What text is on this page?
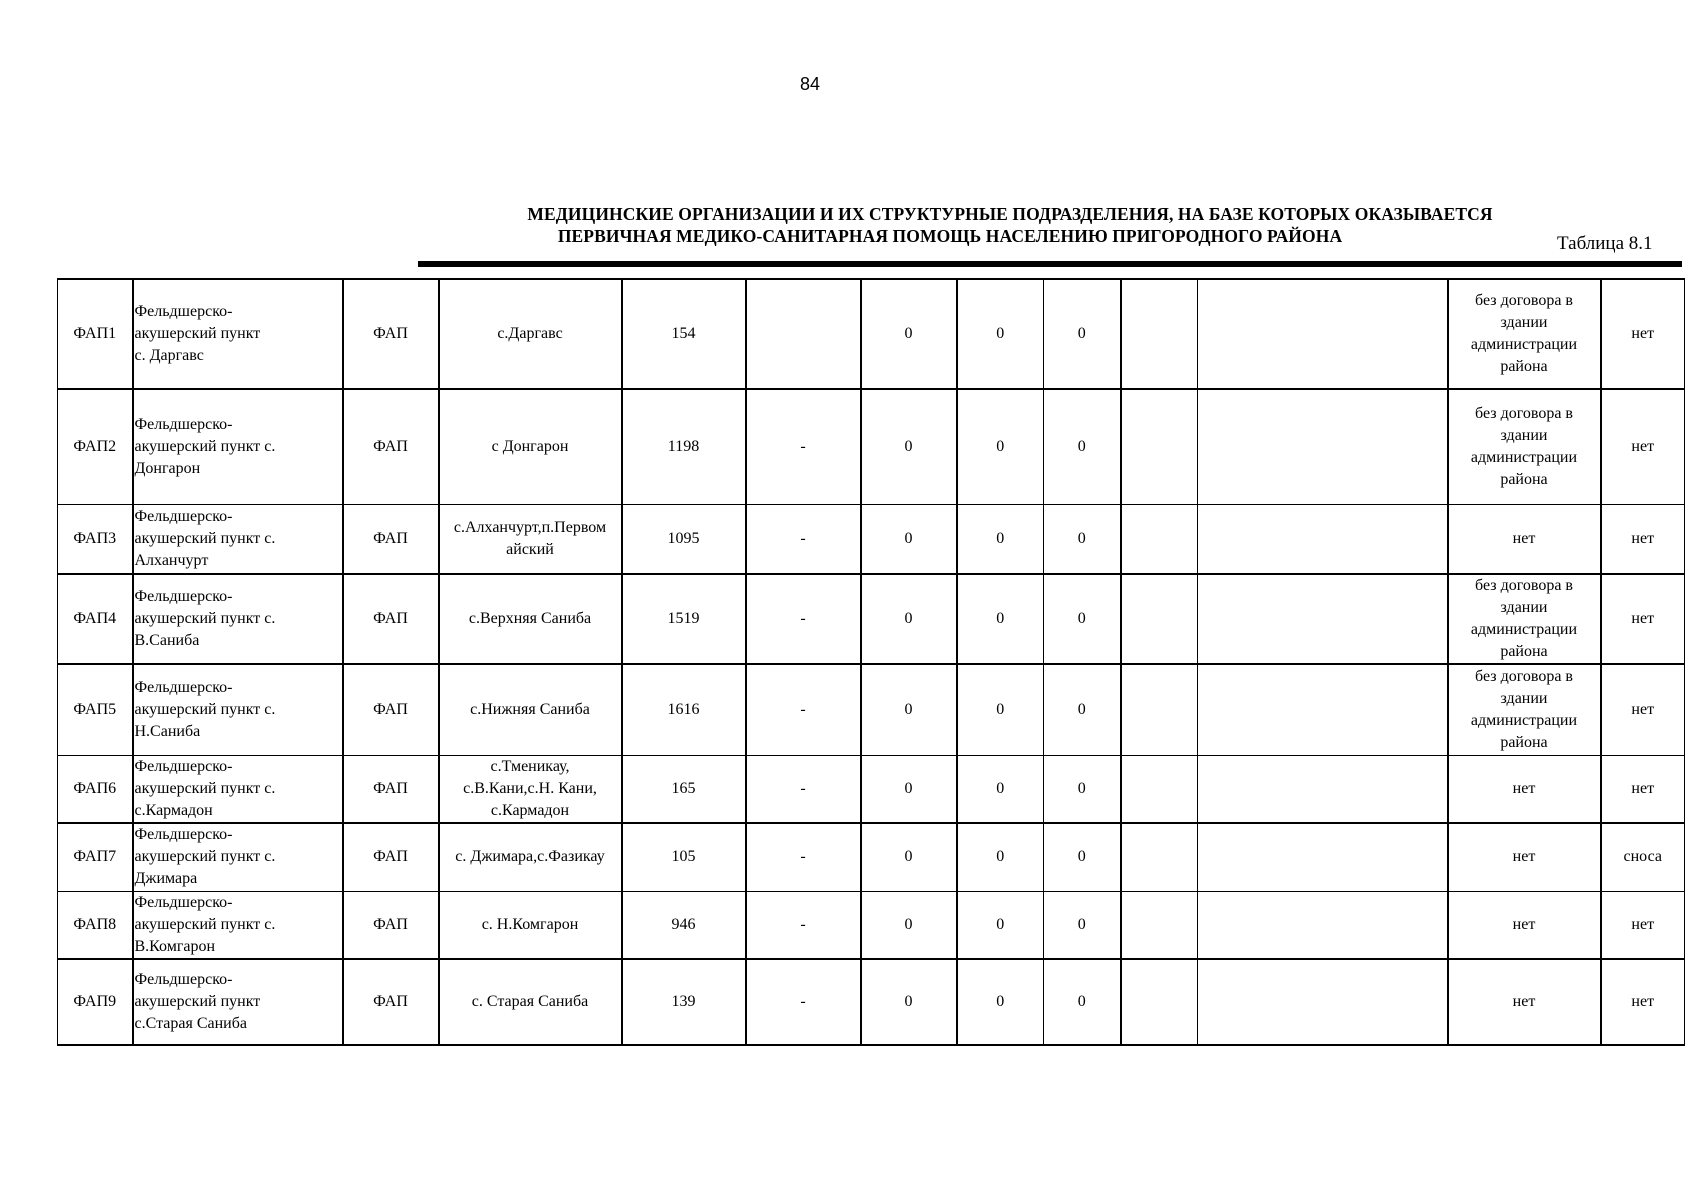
84
МЕДИЦИНСКИЕ ОРГАНИЗАЦИИ И ИХ СТРУКТУРНЫЕ ПОДРАЗДЕЛЕНИЯ, НА БАЗЕ КОТОРЫХ ОКАЗЫВАЕТСЯ
ПЕРВИЧНАЯ МЕДИКО-САНИТАРНАЯ ПОМОЩЬ НАСЕЛЕНИЮ ПРИГОРОДНОГО РАЙОНА	Таблица 8.1
ФАП1	Фельдшерско-
акушерский пункт
с. Даргавс	ФАП	с.Даргавс	154		0	0	0			без договора в
здании
администрации
района	нет
ФАП2	Фельдшерско-
акушерский пункт с.
Донгарон	ФАП	с Донгарон	1198	-	0	0	0			без договора в
здании
администрации
района	нет
ФАП3	Фельдшерско-
акушерский пункт с.
Алханчурт	ФАП	с.Алханчурт,п.Первом
айский	1095	-	0	0	0			нет	нет
ФАП4	Фельдшерско-
акушерский пункт с.
В.Саниба	ФАП	с.Верхняя Саниба	1519	-	0	0	0			без договора в
здании
администрации
района	нет
ФАП5	Фельдшерско-
акушерский пункт с.
Н.Саниба	ФАП	с.Нижняя Саниба	1616	-	0	0	0			без договора в
здании
администрации
района	нет
ФАП6	Фельдшерско-
акушерский пункт с.
с.Кармадон	ФАП	с.Тменикау,
с.В.Кани,с.Н. Кани,
с.Кармадон	165	-	0	0	0			нет	нет
ФАП7	Фельдшерско-
акушерский пункт с.
Джимара	ФАП	с. Джимара,с.Фазикау	105	-	0	0	0			нет	сноса
ФАП8	Фельдшерско-
акушерский пункт с.
В.Комгарон	ФАП	с. Н.Комгарон	946	-	0	0	0			нет	нет
ФАП9	Фельдшерско-
акушерский пункт
с.Старая Саниба	ФАП	с. Старая Саниба	139	-	0	0	0			нет	нет
